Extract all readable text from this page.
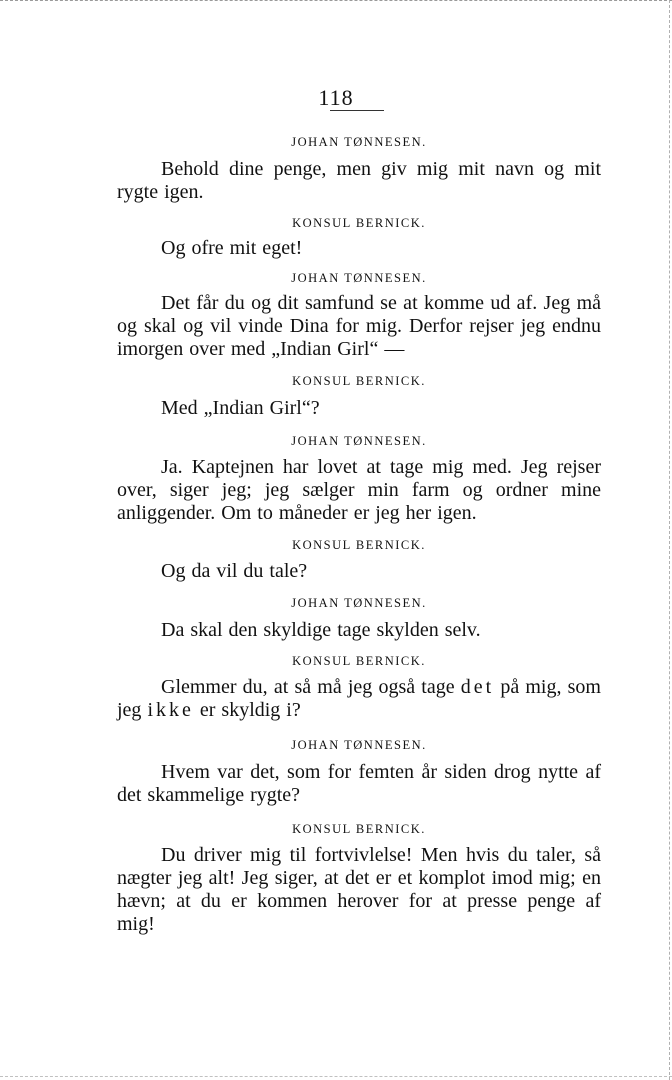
118
JOHAN TØNNESEN.
Behold dine penge, men giv mig mit navn og mit rygte igen.
KONSUL BERNICK.
Og ofre mit eget!
JOHAN TØNNESEN.
Det får du og dit samfund se at komme ud af. Jeg må og skal og vil vinde Dina for mig. Derfor rejser jeg endnu imorgen over med „Indian Girl“ —
KONSUL BERNICK.
Med „Indian Girl“?
JOHAN TØNNESEN.
Ja. Kaptejnen har lovet at tage mig med. Jeg rejser over, siger jeg; jeg sælger min farm og ordner mine anliggender. Om to måneder er jeg her igen.
KONSUL BERNICK.
Og da vil du tale?
JOHAN TØNNESEN.
Da skal den skyldige tage skylden selv.
KONSUL BERNICK.
Glemmer du, at så må jeg også tage det på mig, som jeg ikke er skyldig i?
JOHAN TØNNESEN.
Hvem var det, som for femten år siden drog nytte af det skammelige rygte?
KONSUL BERNICK.
Du driver mig til fortvivlelse! Men hvis du taler, så nægter jeg alt! Jeg siger, at det er et komplot imod mig; en hævn; at du er kommen herover for at presse penge af mig!
